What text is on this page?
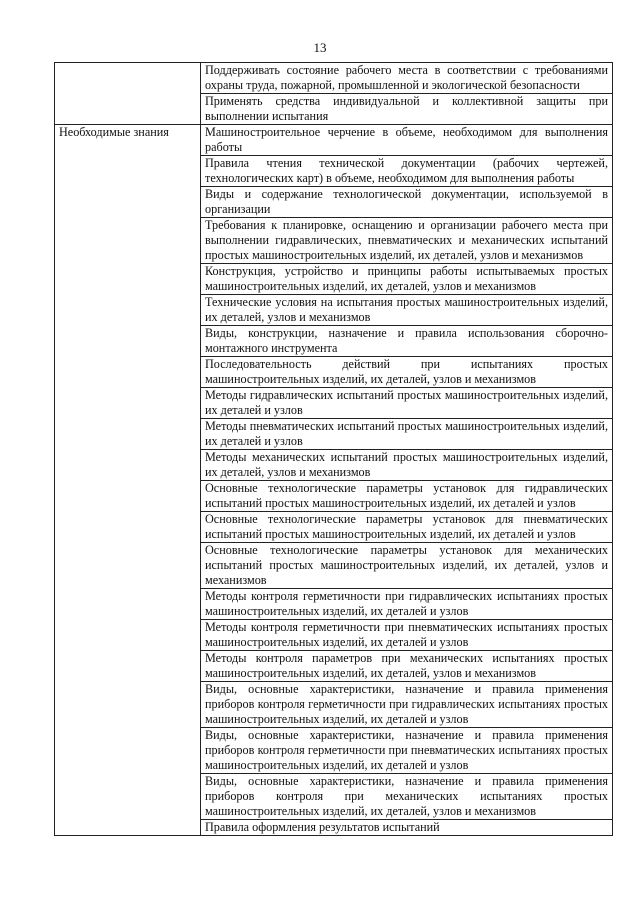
13
	Поддерживать состояние рабочего места в соответствии с требованиями охраны труда, пожарной, промышленной и экологической безопасности
	Применять средства индивидуальной и коллективной защиты при выполнении испытания
Необходимые знания	Машиностроительное черчение в объеме, необходимом для выполнения работы
	Правила чтения технической документации (рабочих чертежей, технологических карт) в объеме, необходимом для выполнения работы
	Виды и содержание технологической документации, используемой в организации
	Требования к планировке, оснащению и организации рабочего места при выполнении гидравлических, пневматических и механических испытаний простых машиностроительных изделий, их деталей, узлов и механизмов
	Конструкция, устройство и принципы работы испытываемых простых машиностроительных изделий, их деталей, узлов и механизмов
	Технические условия на испытания простых машиностроительных изделий, их деталей, узлов и механизмов
	Виды, конструкции, назначение и правила использования сборочно-монтажного инструмента
	Последовательность действий при испытаниях простых машиностроительных изделий, их деталей, узлов и механизмов
	Методы гидравлических испытаний простых машиностроительных изделий, их деталей и узлов
	Методы пневматических испытаний простых машиностроительных изделий, их деталей и узлов
	Методы механических испытаний простых машиностроительных изделий, их деталей, узлов и механизмов
	Основные технологические параметры установок для гидравлических испытаний простых машиностроительных изделий, их деталей и узлов
	Основные технологические параметры установок для пневматических испытаний простых машиностроительных изделий, их деталей и узлов
	Основные технологические параметры установок для механических испытаний простых машиностроительных изделий, их деталей, узлов и механизмов
	Методы контроля герметичности при гидравлических испытаниях простых машиностроительных изделий, их деталей и узлов
	Методы контроля герметичности при пневматических испытаниях простых машиностроительных изделий, их деталей и узлов
	Методы контроля параметров при механических испытаниях простых машиностроительных изделий, их деталей, узлов и механизмов
	Виды, основные характеристики, назначение и правила применения приборов контроля герметичности при гидравлических испытаниях простых машиностроительных изделий, их деталей и узлов
	Виды, основные характеристики, назначение и правила применения приборов контроля герметичности при пневматических испытаниях простых машиностроительных изделий, их деталей и узлов
	Виды, основные характеристики, назначение и правила применения приборов контроля при механических испытаниях простых машиностроительных изделий, их деталей, узлов и механизмов
	Правила оформления результатов испытаний
